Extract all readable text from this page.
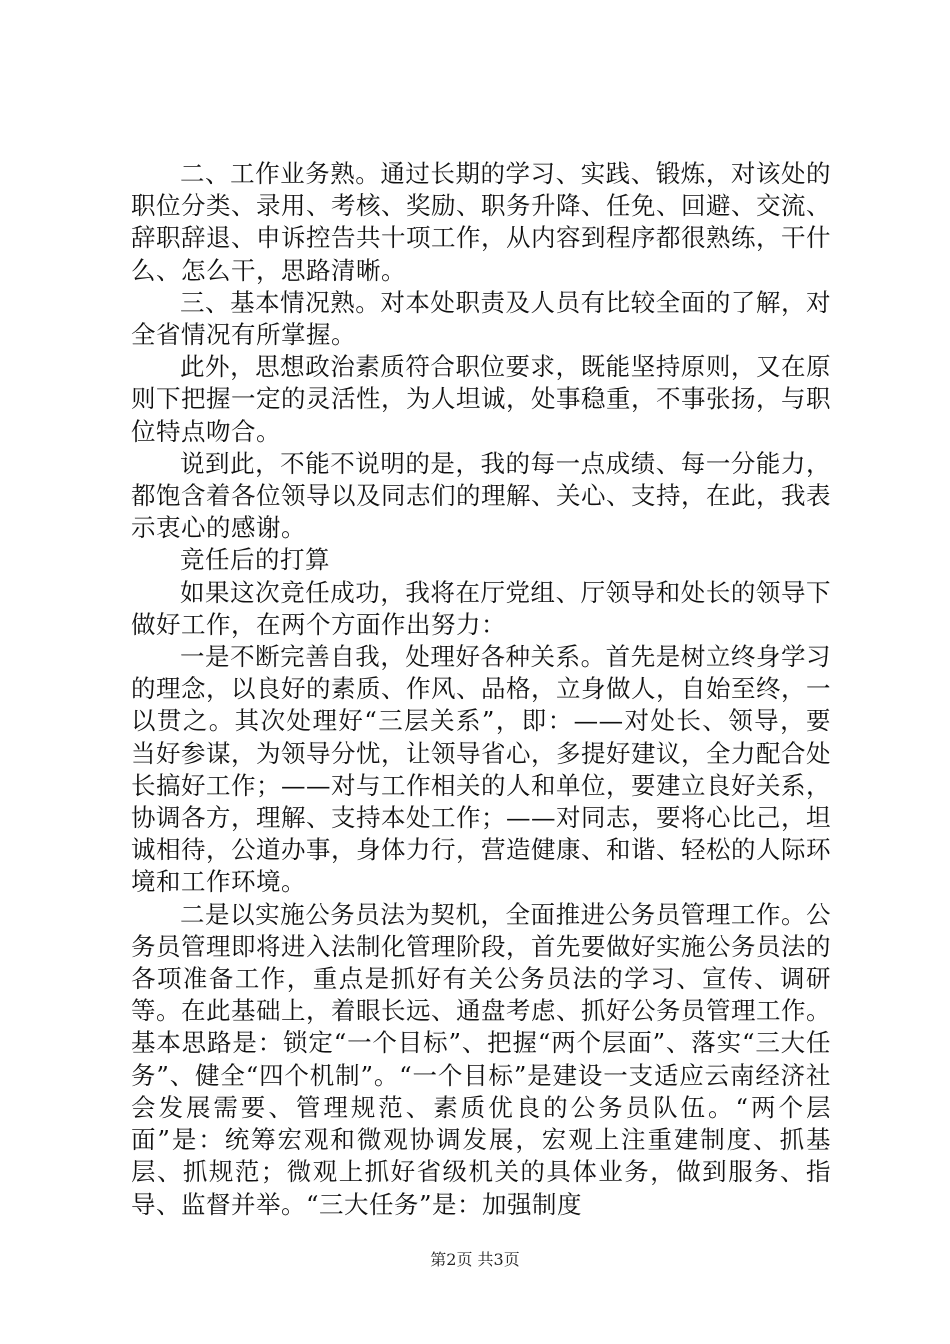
二、工作业务熟。通过长期的学习、实践、锻炼，对该处的职位分类、录用、考核、奖励、职务升降、任免、回避、交流、辞职辞退、申诉控告共十项工作，从内容到程序都很熟练，干什么、怎么干，思路清晰。

三、基本情况熟。对本处职责及人员有比较全面的了解，对全省情况有所掌握。

此外，思想政治素质符合职位要求，既能坚持原则，又在原则下把握一定的灵活性，为人坦诚，处事稳重，不事张扬，与职位特点吻合。

说到此，不能不说明的是，我的每一点成绩、每一分能力，都饱含着各位领导以及同志们的理解、关心、支持，在此，我表示衷心的感谢。

竞任后的打算

如果这次竞任成功，我将在厅党组、厅领导和处长的领导下做好工作，在两个方面作出努力：

一是不断完善自我，处理好各种关系。首先是树立终身学习的理念，以良好的素质、作风、品格，立身做人，自始至终，一以贯之。其次处理好“三层关系”，即：——对处长、领导，要当好参谋，为领导分忧，让领导省心，多提好建议，全力配合处长搞好工作；——对与工作相关的人和单位，要建立良好关系，协调各方，理解、支持本处工作；——对同志，要将心比己，坦诚相待，公道办事，身体力行，营造健康、和谐、轻松的人际环境和工作环境。

二是以实施公务员法为契机，全面推进公务员管理工作。公务员管理即将进入法制化管理阶段，首先要做好实施公务员法的各项准备工作，重点是抓好有关公务员法的学习、宣传、调研等。在此基础上，着眼长远、通盘考虑、抓好公务员管理工作。基本思路是：锁定“一个目标”、把握“两个层面”、落实“三大任务”、健全“四个机制”。“一个目标”是建设一支适应云南经济社会发展需要、管理规范、素质优良的公务员队伍。“两个层面”是：统筹宏观和微观协调发展，宏观上注重建制度、抓基层、抓规范；微观上抓好省级机关的具体业务，做到服务、指导、监督并举。“三大任务”是：加强制度

第2页 共3页
